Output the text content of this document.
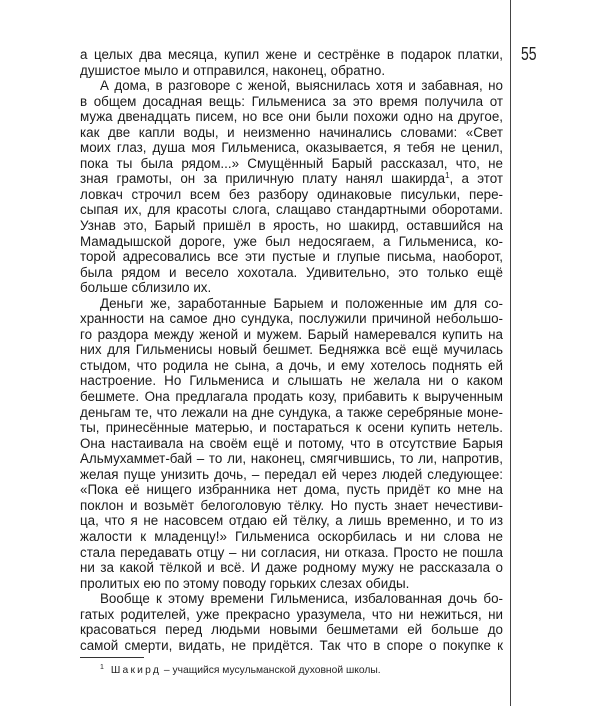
55
а целых два месяца, купил жене и сестрёнке в подарок платки,
душистое мыло и отправился, наконец, обратно.
А дома, в разговоре с женой, выяснилась хотя и забавная, но
в общем досадная вещь: Гильмениса за это время получила от
мужа двенадцать писем, но все они были похожи одно на другое,
как две капли воды, и неизменно начинались словами: «Свет
моих глаз, душа моя Гильмениса, оказывается, я тебя не ценил,
пока ты была рядом...» Смущённый Барый рассказал, что, не
зная грамоты, он за приличную плату нанял шакирда$^1$, а этот
ловкач строчил всем без разбору одинаковые писульки, пере-
сыпая их, для красоты слога, слащаво стандартными оборотами.
Узнав это, Барый пришёл в ярость, но шакирд, оставшийся на
Мамадышской дороге, уже был недосягаем, а Гильмениса, ко-
торой адресовались все эти пустые и глупые письма, наоборот,
была рядом и весело хохотала. Удивительно, это только ещё
больше сблизило их.
Деньги же, заработанные Барыем и положенные им для со-
хранности на самое дно сундука, послужили причиной небольшо-
го раздора между женой и мужем. Барый намеревался купить на
них для Гильменисы новый бешмет. Бедняжка всё ещё мучилась
стыдом, что родила не сына, а дочь, и ему хотелось поднять ей
настроение. Но Гильмениса и слышать не желала ни о каком
бешмете. Она предлагала продать козу, прибавить к вырученным
деньгам те, что лежали на дне сундука, а также серебряные моне-
ты, принесённые матерью, и постараться к осени купить нетель.
Она настаивала на своём ещё и потому, что в отсутствие Барыя
Альмухаммет-бай – то ли, наконец, смягчившись, то ли, напротив,
желая пуще унизить дочь, – передал ей через людей следующее:
«Пока её нищего избранника нет дома, пусть придёт ко мне на
поклон и возьмёт белоголовую тёлку. Но пусть знает нечестиви-
ца, что я не насовсем отдаю ей тёлку, а лишь временно, и то из
жалости к младенцу!» Гильмениса оскорбилась и ни слова не
стала передавать отцу – ни согласия, ни отказа. Просто не пошла
ни за какой тёлкой и всё. И даже родному мужу не рассказала о
пролитых ею по этому поводу горьких слезах обиды.
Вообще к этому времени Гильмениса, избалованная дочь бо-
гатых родителей, уже прекрасно уразумела, что ни нежиться, ни
красоваться перед людьми новыми бешметами ей больше до
самой смерти, видать, не придётся. Так что в споре о покупке к
$^1$ Шакирд – учащийся мусульманской духовной школы.
